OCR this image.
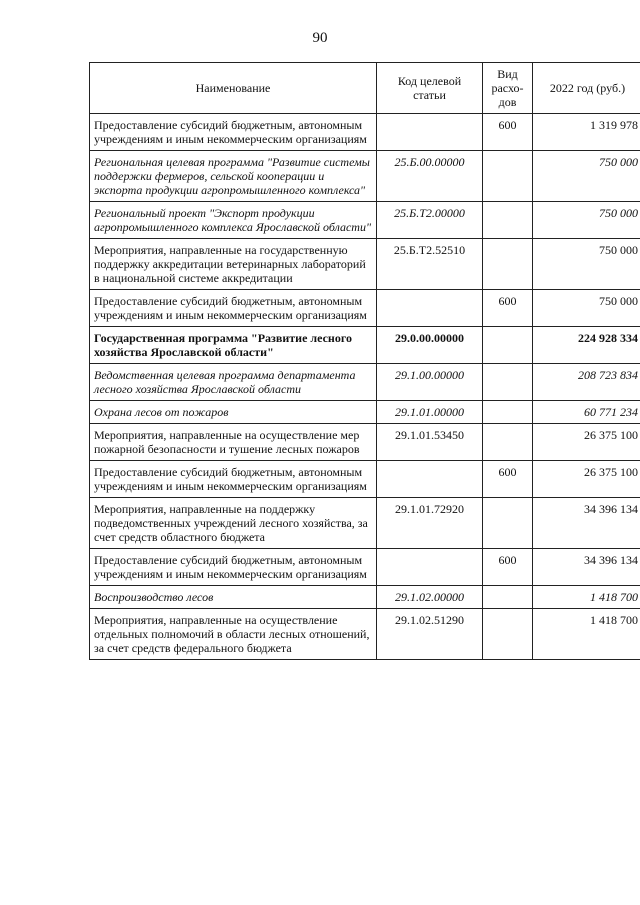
90
Наименование	Код целевой статьи	Вид
расхо-
дов	2022 год (руб.)
Предоставление субсидий бюджетным, автономным учреждениям и иным некоммерческим организациям		600	1 319 978
Региональная целевая программа "Развитие системы поддержки фермеров, сельской кооперации и экспорта продукции агропромышленного комплекса"	25.Б.00.00000		750 000
Региональный проект "Экспорт продукции агропромышленного комплекса Ярославской области"	25.Б.Т2.00000		750 000
Мероприятия, направленные на государственную поддержку аккредитации ветеринарных лабораторий в национальной системе аккредитации	25.Б.Т2.52510		750 000
Предоставление субсидий бюджетным, автономным учреждениям и иным некоммерческим организациям		600	750 000
Государственная программа "Развитие лесного хозяйства Ярославской области"	29.0.00.00000		224 928 334
Ведомственная целевая программа департамента лесного хозяйства Ярославской области	29.1.00.00000		208 723 834
Охрана лесов от пожаров	29.1.01.00000		60 771 234
Мероприятия, направленные на осуществление мер пожарной безопасности и тушение лесных пожаров	29.1.01.53450		26 375 100
Предоставление субсидий бюджетным, автономным учреждениям и иным некоммерческим организациям		600	26 375 100
Мероприятия, направленные на поддержку подведомственных учреждений лесного хозяйства, за счет средств областного бюджета	29.1.01.72920		34 396 134
Предоставление субсидий бюджетным, автономным учреждениям и иным некоммерческим организациям		600	34 396 134
Воспроизводство лесов	29.1.02.00000		1 418 700
Мероприятия, направленные на осуществление отдельных полномочий в области лесных отношений, за счет средств федерального бюджета	29.1.02.51290		1 418 700
